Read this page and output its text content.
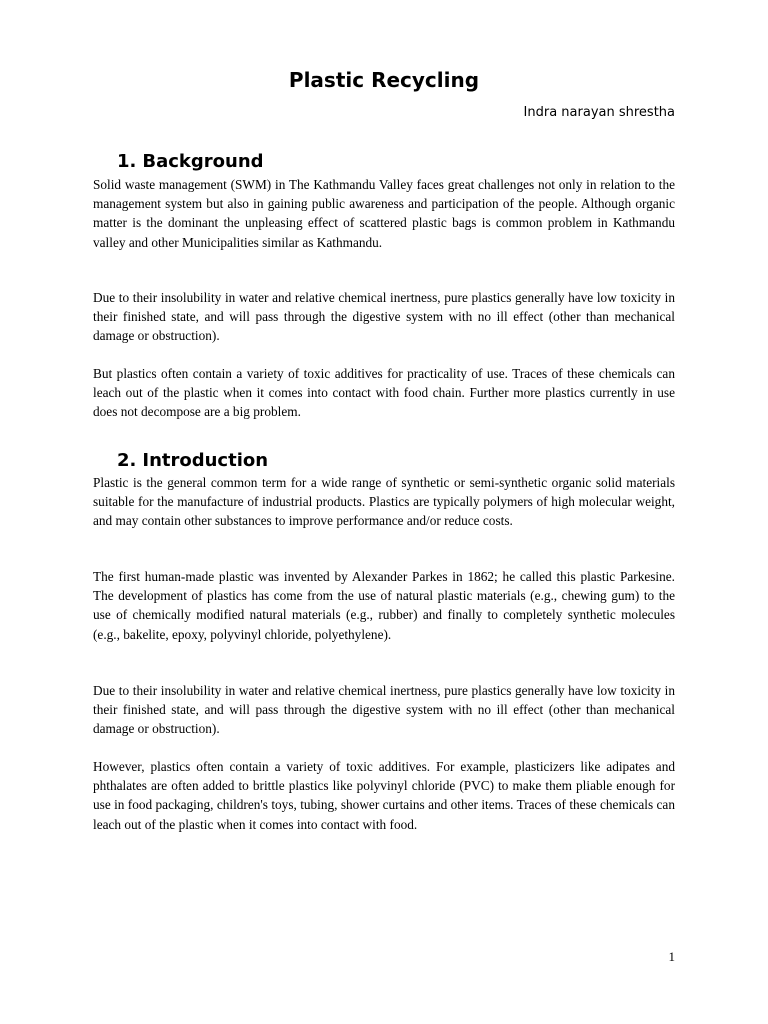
Plastic Recycling

Indra narayan shrestha

1. Background

Solid waste management (SWM) in The Kathmandu Valley faces great challenges not only in relation to the management system but also in gaining public awareness and participation of the people. Although organic matter is the dominant the unpleasing effect of scattered plastic bags is common problem in Kathmandu valley and other Municipalities similar as Kathmandu.

Due to their insolubility in water and relative chemical inertness, pure plastics generally have low toxicity in their finished state, and will pass through the digestive system with no ill effect (other than mechanical damage or obstruction).

But plastics often contain a variety of toxic additives for practicality of use. Traces of these chemicals can leach out of the plastic when it comes into contact with food chain. Further more plastics currently in use does not decompose are a big problem.

2. Introduction

Plastic is the general common term for a wide range of synthetic or semi-synthetic organic solid materials suitable for the manufacture of industrial products. Plastics are typically polymers of high molecular weight, and may contain other substances to improve performance and/or reduce costs.

The first human-made plastic was invented by Alexander Parkes in 1862; he called this plastic Parkesine. The development of plastics has come from the use of natural plastic materials (e.g., chewing gum) to the use of chemically modified natural materials (e.g., rubber) and finally to completely synthetic molecules (e.g., bakelite, epoxy, polyvinyl chloride, polyethylene).

Due to their insolubility in water and relative chemical inertness, pure plastics generally have low toxicity in their finished state, and will pass through the digestive system with no ill effect (other than mechanical damage or obstruction).

However, plastics often contain a variety of toxic additives. For example, plasticizers like adipates and phthalates are often added to brittle plastics like polyvinyl chloride (PVC) to make them pliable enough for use in food packaging, children's toys, tubing, shower curtains and other items. Traces of these chemicals can leach out of the plastic when it comes into contact with food.

1
